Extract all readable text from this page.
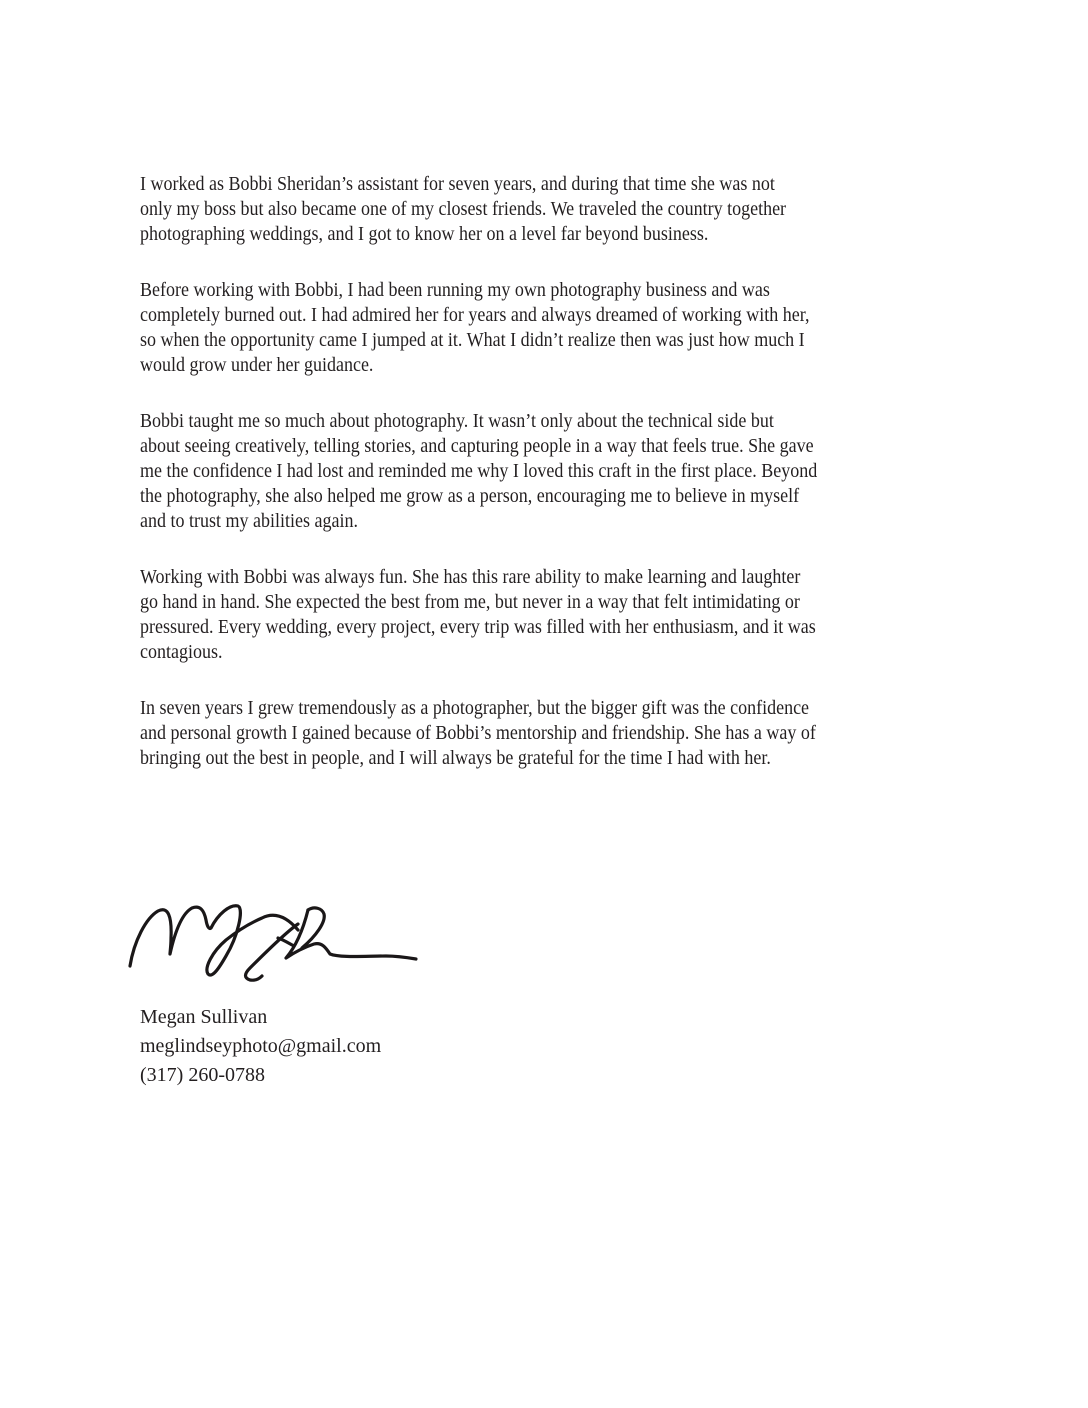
I worked as Bobbi Sheridan’s assistant for seven years, and during that time she was not
only my boss but also became one of my closest friends. We traveled the country together
photographing weddings, and I got to know her on a level far beyond business.
Before working with Bobbi, I had been running my own photography business and was
completely burned out. I had admired her for years and always dreamed of working with her,
so when the opportunity came I jumped at it. What I didn’t realize then was just how much I
would grow under her guidance.
Bobbi taught me so much about photography. It wasn’t only about the technical side but
about seeing creatively, telling stories, and capturing people in a way that feels true. She gave
me the confidence I had lost and reminded me why I loved this craft in the first place. Beyond
the photography, she also helped me grow as a person, encouraging me to believe in myself
and to trust my abilities again.
Working with Bobbi was always fun. She has this rare ability to make learning and laughter
go hand in hand. She expected the best from me, but never in a way that felt intimidating or
pressured. Every wedding, every project, every trip was filled with her enthusiasm, and it was
contagious.
In seven years I grew tremendously as a photographer, but the bigger gift was the confidence
and personal growth I gained because of Bobbi’s mentorship and friendship. She has a way of
bringing out the best in people, and I will always be grateful for the time I had with her.
Megan Sullivan
meglindseyphoto@gmail.com
(317) 260-0788
